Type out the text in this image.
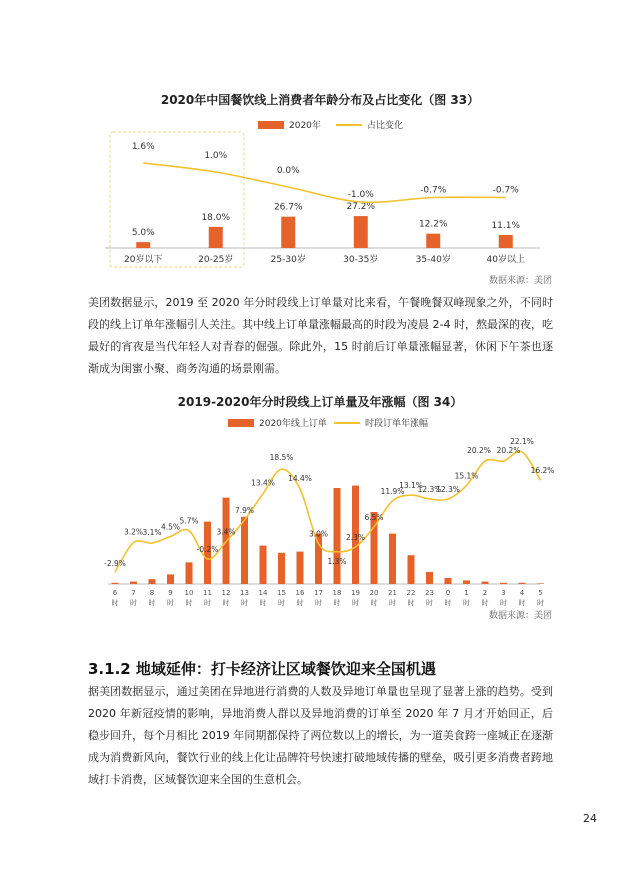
2020年中国餐饮线上消费者年龄分布及占比变化（图 33）
2020年	占比变化
5.0%
20岁以下
18.0%
20-25岁
26.7%
25-30岁
27.2%
30-35岁
12.2%
35-40岁
11.1%
40岁以上
1.6%
1.0%
0.0%
-1.0%	-0.7%	-0.7%
数据来源：美团
美团数据显示，2019 至 2020 年分时段线上订单量对比来看，午餐晚餐双峰现象之外，不同时段的线上订单年涨幅引人关注。其中线上订单量涨幅最高的时段为凌晨 2-4 时，熬最深的夜，吃最好的宵夜是当代年轻人对青春的倔强。除此外，15 时前后订单量涨幅显著，休闲下午茶也逐渐成为闺蜜小聚、商务沟通的场景刚需。
2019-2020年分时段线上订单量及年涨幅（图 34）
2020年线上订单	时段订单年涨幅
6
时
7
时
8
时
9
时
10
时
11
时
12
时
13
时
14
时
15
时
16
时
17
时
18
时
19
时
20
时
21
时
22
时
23
时
0
时
1
时
2
时
3
时
4
时
5
时
-2.9%
3.2% 3.1%
4.5%
5.7%
-0.2%
3.4%
7.9%
13.4%
18.5%
14.4%
3.0%
1.3%
2.3%
6.5%
11.9%
13.1%
12.3%
12.3%
15.1%
20.2% 20.2%
22.1%
16.2%
数据来源：美团
3.1.2 地域延伸：打卡经济让区域餐饮迎来全国机遇
据美团数据显示，通过美团在异地进行消费的人数及异地订单量也呈现了显著上涨的趋势。受到 2020 年新冠疫情的影响，异地消费人群以及异地消费的订单至 2020 年 7 月才开始回正，后稳步回升，每个月相比 2019 年同期都保持了两位数以上的增长，为一道美食跨一座城正在逐渐成为消费新风向，餐饮行业的线上化让品牌符号快速打破地域传播的壁垒，吸引更多消费者跨地域打卡消费，区域餐饮迎来全国的生意机会。
24
